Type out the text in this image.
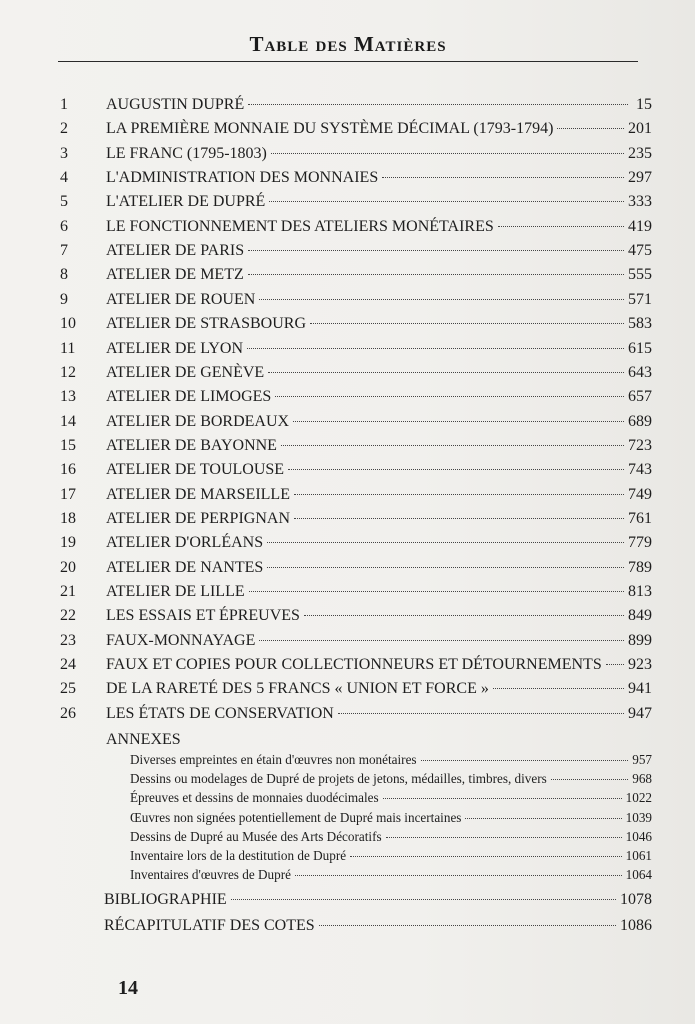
Table des Matières
1	AUGUSTIN DUPRÉ	15
2	LA PREMIÈRE MONNAIE DU SYSTÈME DÉCIMAL (1793-1794)	201
3	LE FRANC (1795-1803)	235
4	L'ADMINISTRATION DES MONNAIES	297
5	L'ATELIER DE DUPRÉ	333
6	LE FONCTIONNEMENT DES ATELIERS MONÉTAIRES	419
7	ATELIER DE PARIS	475
8	ATELIER DE METZ	555
9	ATELIER DE ROUEN	571
10	ATELIER DE STRASBOURG	583
11	ATELIER DE LYON	615
12	ATELIER DE GENÈVE	643
13	ATELIER DE LIMOGES	657
14	ATELIER DE BORDEAUX	689
15	ATELIER DE BAYONNE	723
16	ATELIER DE TOULOUSE	743
17	ATELIER DE MARSEILLE	749
18	ATELIER DE PERPIGNAN	761
19	ATELIER D'ORLÉANS	779
20	ATELIER DE NANTES	789
21	ATELIER DE LILLE	813
22	LES ESSAIS ET ÉPREUVES	849
23	FAUX-MONNAYAGE	899
24	FAUX ET COPIES POUR COLLECTIONNEURS ET DÉTOURNEMENTS 923
25	DE LA RARETÉ DES 5 FRANCS « UNION ET FORCE »	941
26	LES ÉTATS DE CONSERVATION	947
Diverses empreintes en étain d'œuvres non monétaires	957
Dessins ou modelages de Dupré de projets de jetons, médailles, timbres, divers	968
Épreuves et dessins de monnaies duodécimales	1022
Œuvres non signées potentiellement de Dupré mais incertaines	1039
Dessins de Dupré au Musée des Arts Décoratifs	1046
Inventaire lors de la destitution de Dupré	1061
Inventaires d'œuvres de Dupré	1064
BIBLIOGRAPHIE	1078
RÉCAPITULATIF DES COTES	1086
ANNEXES
14
